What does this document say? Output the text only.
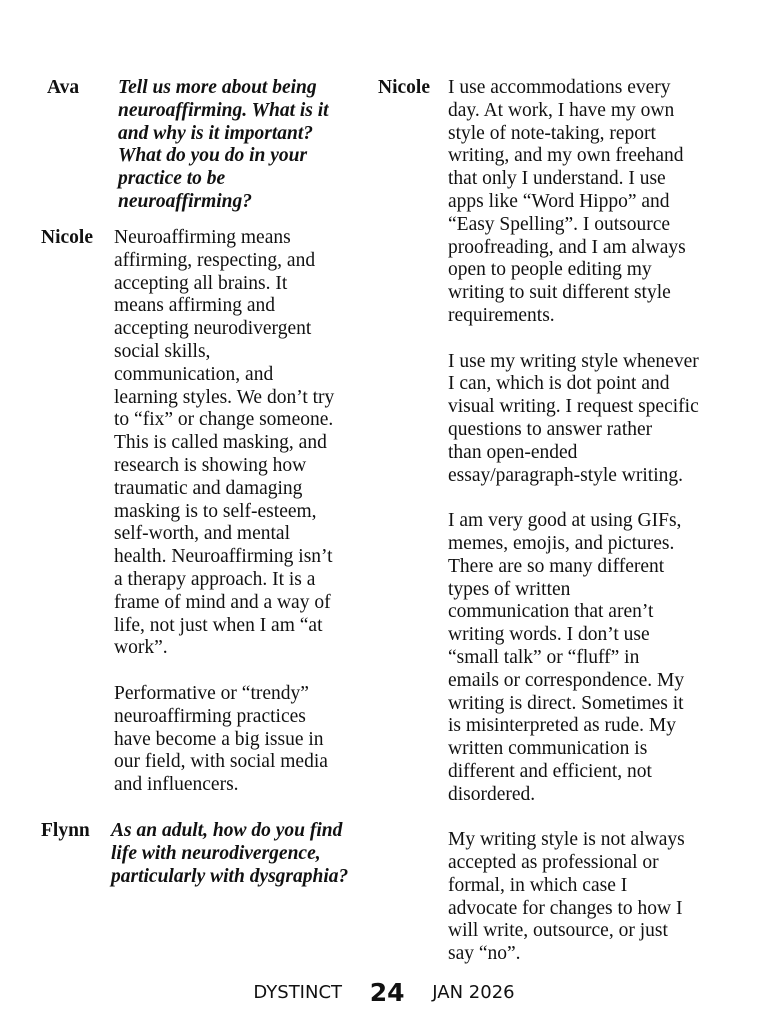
Ava Tell us more about being
neuroaffirming. What is it
and why is it important?
What do you do in your
practice to be
neuroaffirming?
Nicole Neuroaffirming means
affirming, respecting, and
accepting all brains. It
means affirming and
accepting neurodivergent
social skills,
communication, and
learning styles. We don’t try
to “fix” or change someone.
This is called masking, and
research is showing how
traumatic and damaging
masking is to self-esteem,
self-worth, and mental
health. Neuroaffirming isn’t
a therapy approach. It is a
frame of mind and a way of
life, not just when I am “at
work”.

Performative or “trendy”
neuroaffirming practices
have become a big issue in
our field, with social media
and influencers.
Flynn As an adult, how do you find
life with neurodivergence,
particularly with dysgraphia?
Nicole I use accommodations every
day. At work, I have my own
style of note-taking, report
writing, and my own freehand
that only I understand. I use
apps like “Word Hippo” and
“Easy Spelling”. I outsource
proofreading, and I am always
open to people editing my
writing to suit different style
requirements.

I use my writing style whenever
I can, which is dot point and
visual writing. I request specific
questions to answer rather
than open-ended
essay/paragraph-style writing.

I am very good at using GIFs,
memes, emojis, and pictures.
There are so many different
types of written
communication that aren’t
writing words. I don’t use
“small talk” or “fluff” in
emails or correspondence. My
writing is direct. Sometimes it
is misinterpreted as rude. My
written communication is
different and efficient, not
disordered.

My writing style is not always
accepted as professional or
formal, in which case I
advocate for changes to how I
will write, outsource, or just
say “no”.
DYSTINCT 24 JAN 2026
